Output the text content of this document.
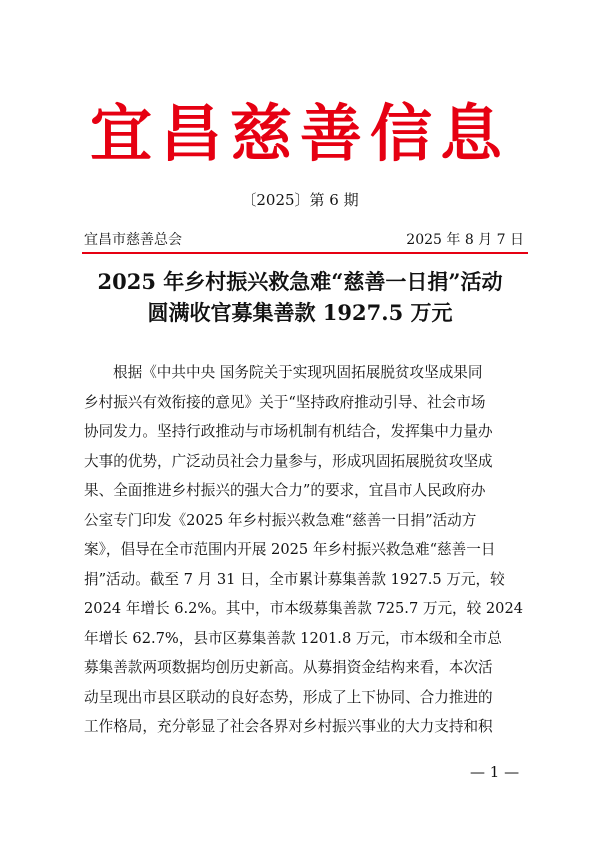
宜昌慈善信息
〔2025〕第 6 期
宜昌市慈善总会	2025 年 8 月 7 日
2025 年乡村振兴救急难“慈善一日捐”活动
圆满收官募集善款 1927.5 万元
根据《中共中央 国务院关于实现巩固拓展脱贫攻坚成果同
乡村振兴有效衔接的意见》关于“坚持政府推动引导、社会市场
协同发力。坚持行政推动与市场机制有机结合，发挥集中力量办
大事的优势，广泛动员社会力量参与，形成巩固拓展脱贫攻坚成
果、全面推进乡村振兴的强大合力”的要求，宜昌市人民政府办
公室专门印发《2025 年乡村振兴救急难“慈善一日捐”活动方
案》，倡导在全市范围内开展 2025 年乡村振兴救急难“慈善一日
捐”活动。截至 7 月 31 日，全市累计募集善款 1927.5 万元，较
2024 年增长 6.2%。其中，市本级募集善款 725.7 万元，较 2024
年增长 62.7%，县市区募集善款 1201.8 万元，市本级和全市总
募集善款两项数据均创历史新高。从募捐资金结构来看，本次活
动呈现出市县区联动的良好态势，形成了上下协同、合力推进的
工作格局，充分彰显了社会各界对乡村振兴事业的大力支持和积
— 1 —
